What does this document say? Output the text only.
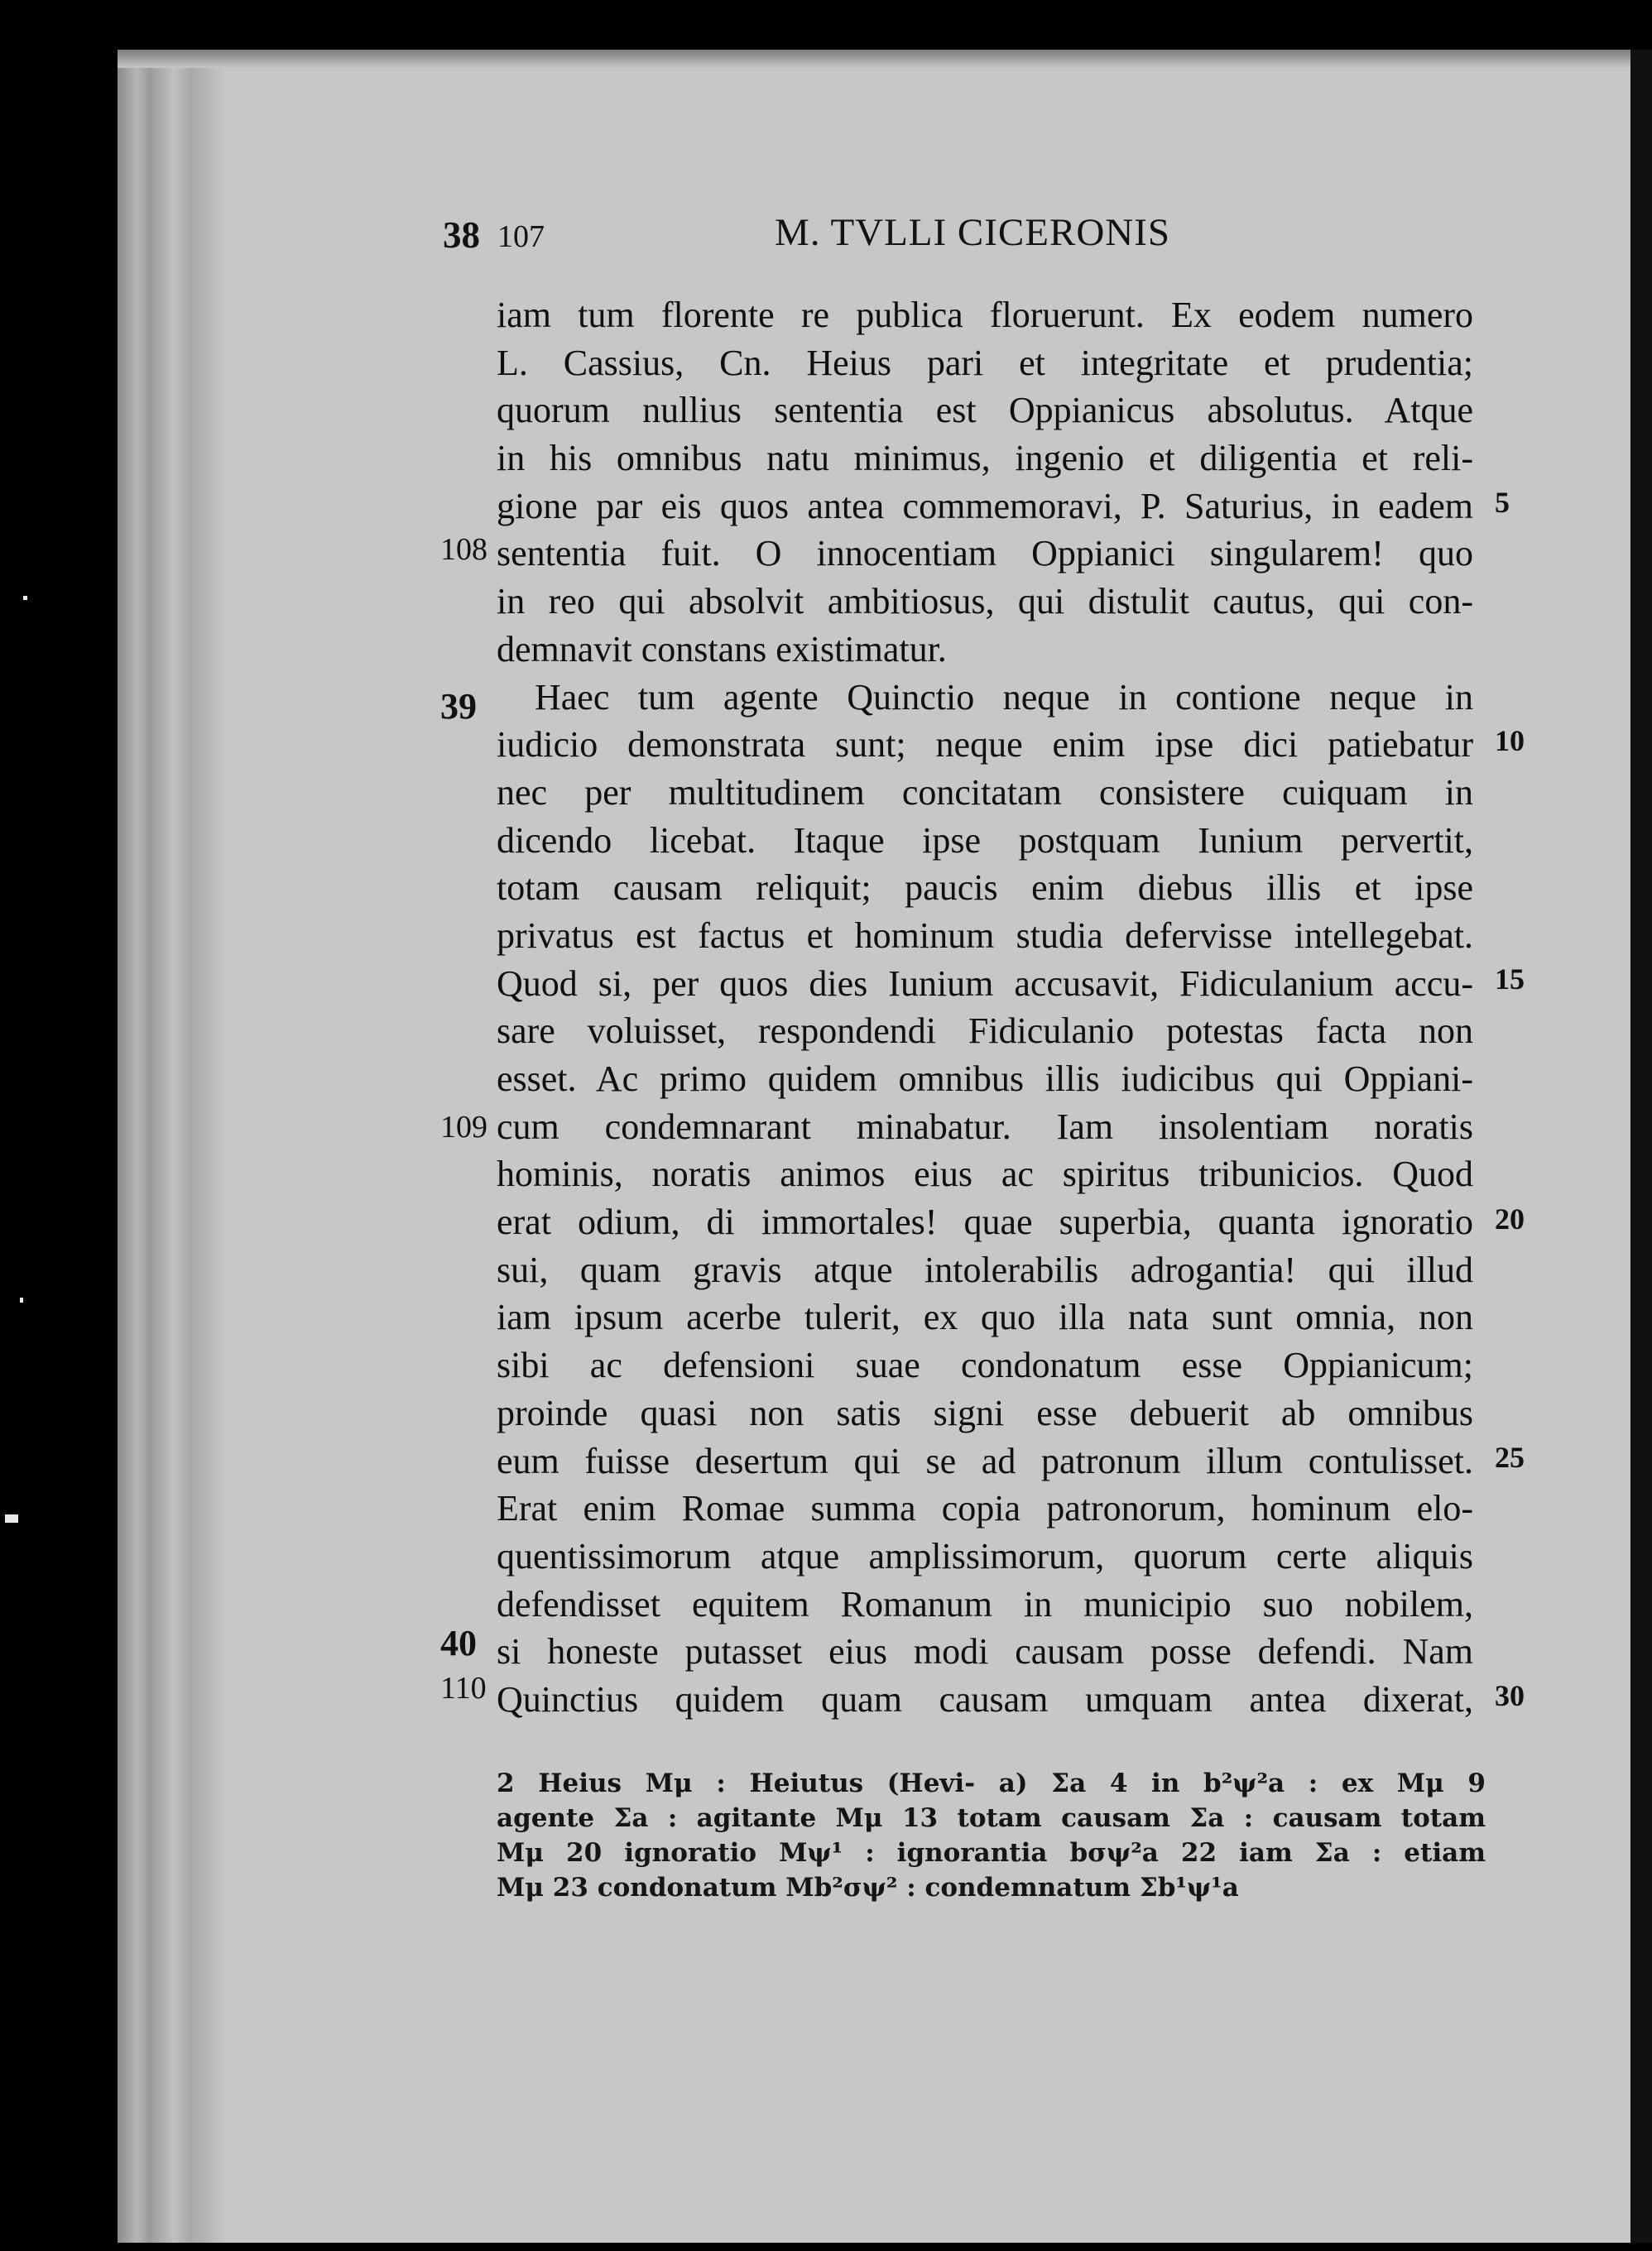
38 107	M. TVLLI CICERONIS
iam tum florente re publica floruerunt. Ex eodem numero
L. Cassius, Cn. Heius pari et integritate et prudentia;
quorum nullius sententia est Oppianicus absolutus. Atque
in his omnibus natu minimus, ingenio et diligentia et reli-
gione par eis quos antea commemoravi, P. Saturius, in eadem
sententia fuit. O innocentiam Oppianici singularem! quo
in reo qui absolvit ambitiosus, qui distulit cautus, qui con-
demnavit constans existimatur.
Haec tum agente Quinctio neque in contione neque in
iudicio demonstrata sunt; neque enim ipse dici patiebatur
nec per multitudinem concitatam consistere cuiquam in
dicendo licebat. Itaque ipse postquam Iunium pervertit,
totam causam reliquit; paucis enim diebus illis et ipse
privatus est factus et hominum studia defervisse intellegebat.
Quod si, per quos dies Iunium accusavit, Fidiculanium accu-
sare voluisset, respondendi Fidiculanio potestas facta non
esset. Ac primo quidem omnibus illis iudicibus qui Oppiani-
cum condemnarant minabatur. Iam insolentiam noratis
hominis, noratis animos eius ac spiritus tribunicios. Quod
erat odium, di immortales! quae superbia, quanta ignoratio
sui, quam gravis atque intolerabilis adrogantia! qui illud
iam ipsum acerbe tulerit, ex quo illa nata sunt omnia, non
sibi ac defensioni suae condonatum esse Oppianicum;
proinde quasi non satis signi esse debuerit ab omnibus
eum fuisse desertum qui se ad patronum illum contulisset.
Erat enim Romae summa copia patronorum, hominum elo-
quentissimorum atque amplissimorum, quorum certe aliquis
defendisset equitem Romanum in municipio suo nobilem,
si honeste putasset eius modi causam posse defendi. Nam
Quinctius quidem quam causam umquam antea dixerat,
108
39
109
40
110
5
10
15
20
25
30
2 Heius Mμ : Heiutus (Hevi- a) Σa 4 in b²ψ²a : ex Mμ 9
agente Σa : agitante Mμ 13 totam causam Σa : causam totam
Mμ 20 ignoratio Mψ¹ : ignorantia bσψ²a 22 iam Σa : etiam
Mμ 23 condonatum Mb²σψ² : condemnatum Σb¹ψ¹a
